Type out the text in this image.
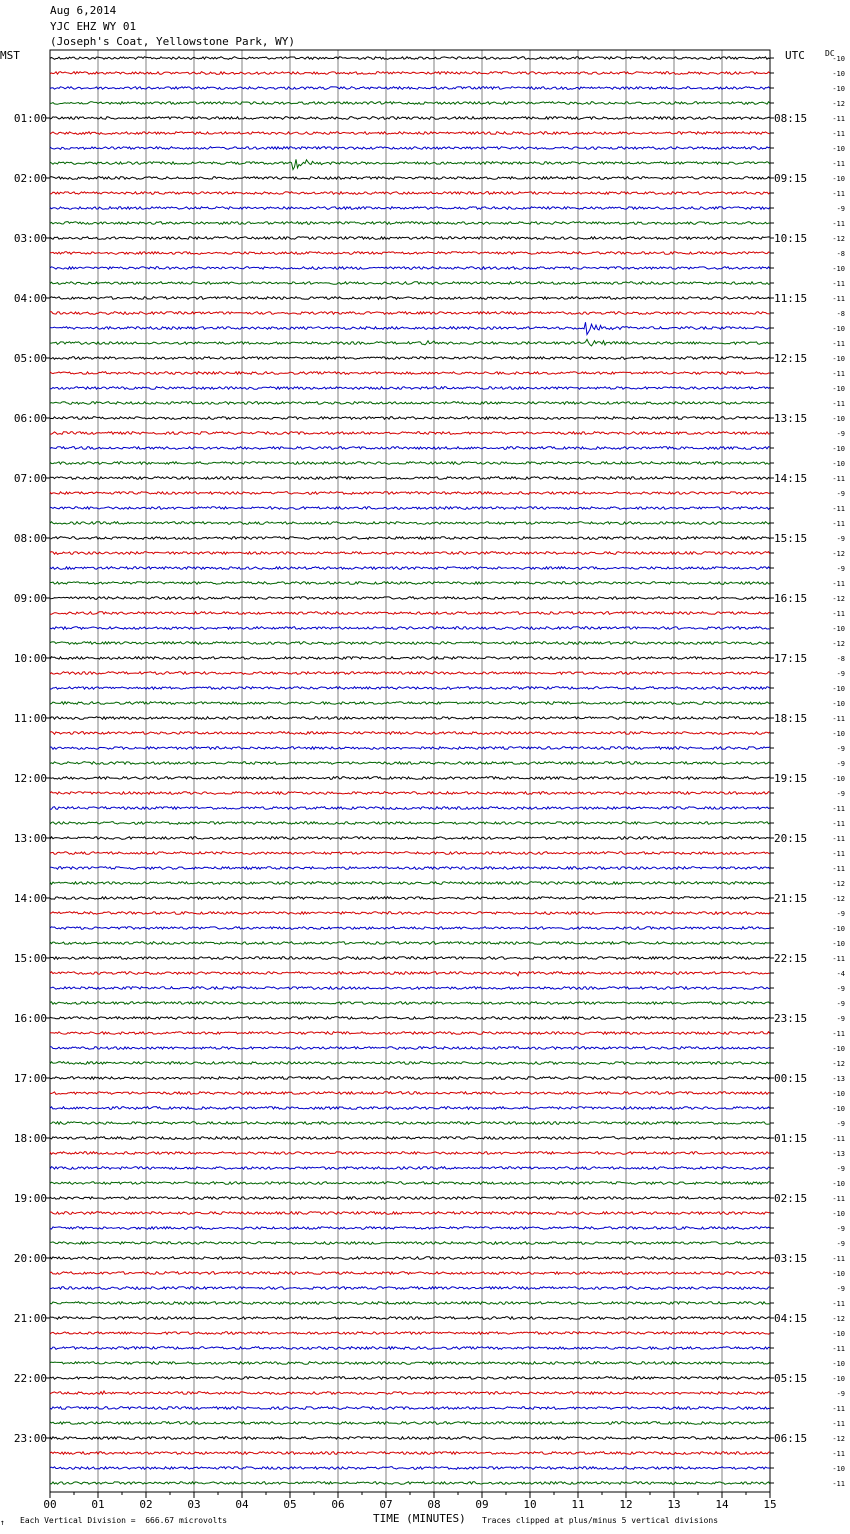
Aug 6,2014
YJC EHZ WY 01
(Joseph's Coat, Yellowstone Park, WY)
MST	UTC	DC
-10
-10
-10
-12
-11
-11
-10
-11
-10
-11
-9
-11
-12
-8
-10
-11
-11
-8
-10
-11
-10
-11
-10
-11
-10
-9
-10
-10
-11
-9
-11
-11
-9
-12
-9
-11
-12
-11
-10
-12
-8
-9
-10
-10
-11
-10
-9
-9
-10
-9
-11
-11
-11
-11
-11
-12
-12
-9
-10
-10
-11
-4
-9
-9
-9
-11
-10
-12
-13
-10
-10
-9
-11
-13
-9
-10
-11
-10
-9
-9
-11
-10
-9
-11
-12
-10
-11
-10
-10
-9
-11
-11
-12
-11
-10
-11
01:00
02:00
03:00
04:00
05:00
06:00
07:00
08:00
09:00
10:00
11:00
12:00
13:00
14:00
15:00
16:00
17:00
18:00
19:00
20:00
21:00
22:00
23:00
08:15
09:15
10:15
11:15
12:15
13:15
14:15
15:15
16:15
17:15
18:15
19:15
20:15
21:15
22:15
23:15
00:15
01:15
02:15
03:15
04:15
05:15
06:15
00	01	02	03	04	05	06	07	08	09	10	11	12	13	14	15
↑ Each Vertical Division =  666.67 microvolts	TIME (MINUTES) Traces clipped at plus/minus 5 vertical divisions
